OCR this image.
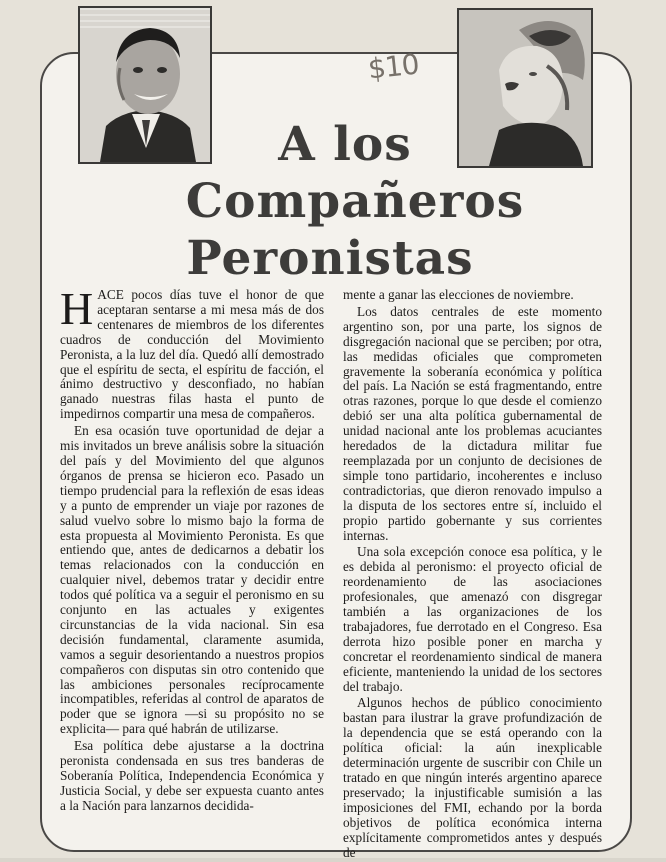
$10
A los
Compañeros
Peronistas

HACE pocos días tuve el honor de que aceptaran sentarse a mi mesa más de dos centenares de miembros de los diferentes cuadros de conducción del Movimiento Peronista, a la luz del día. Quedó allí demostrado que el espíritu de secta, el espíritu de facción, el ánimo destructivo y desconfiado, no habían ganado nuestras filas hasta el punto de impedirnos compartir una mesa de compañeros.

En esa ocasión tuve oportunidad de dejar a mis invitados un breve análisis sobre la situación del país y del Movimiento del que algunos órganos de prensa se hicieron eco. Pasado un tiempo prudencial para la reflexión de esas ideas y a punto de emprender un viaje por razones de salud vuelvo sobre lo mismo bajo la forma de esta propuesta al Movimiento Peronista. Es que entiendo que, antes de dedicarnos a debatir los temas relacionados con la conducción en cualquier nivel, debemos tratar y decidir entre todos qué política va a seguir el peronismo en su conjunto en las actuales y exigentes circunstancias de la vida nacional. Sin esa decisión fundamental, claramente asumida, vamos a seguir desorientando a nuestros propios compañeros con disputas sin otro contenido que las ambiciones personales recíprocamente incompatibles, referidas al control de aparatos de poder que se ignora —si su propósito no se explicita— para qué habrán de utilizarse.

Esa política debe ajustarse a la doctrina peronista condensada en sus tres banderas de Soberanía Política, Independencia Económica y Justicia Social, y debe ser expuesta cuanto antes a la Nación para lanzarnos decidida-

mente a ganar las elecciones de noviembre.

Los datos centrales de este momento argentino son, por una parte, los signos de disgregación nacional que se perciben; por otra, las medidas oficiales que comprometen gravemente la soberanía económica y política del país. La Nación se está fragmentando, entre otras razones, porque lo que desde el comienzo debió ser una alta política gubernamental de unidad nacional ante los problemas acuciantes heredados de la dictadura militar fue reemplazada por un conjunto de decisiones de simple tono partidario, incoherentes e incluso contradictorias, que dieron renovado impulso a la disputa de los sectores entre sí, incluido el propio partido gobernante y sus corrientes internas.

Una sola excepción conoce esa política, y le es debida al peronismo: el proyecto oficial de reordenamiento de las asociaciones profesionales, que amenazó con disgregar también a las organizaciones de los trabajadores, fue derrotado en el Congreso. Esa derrota hizo posible poner en marcha y concretar el reordenamiento sindical de manera eficiente, manteniendo la unidad de los sectores del trabajo.

Algunos hechos de público conocimiento bastan para ilustrar la grave profundización de la dependencia que se está operando con la política oficial: la aún inexplicable determinación urgente de suscribir con Chile un tratado en que ningún interés argentino aparece preservado; la injustificable sumisión a las imposiciones del FMI, echando por la borda objetivos de política económica interna explícitamente comprometidos antes y después de
